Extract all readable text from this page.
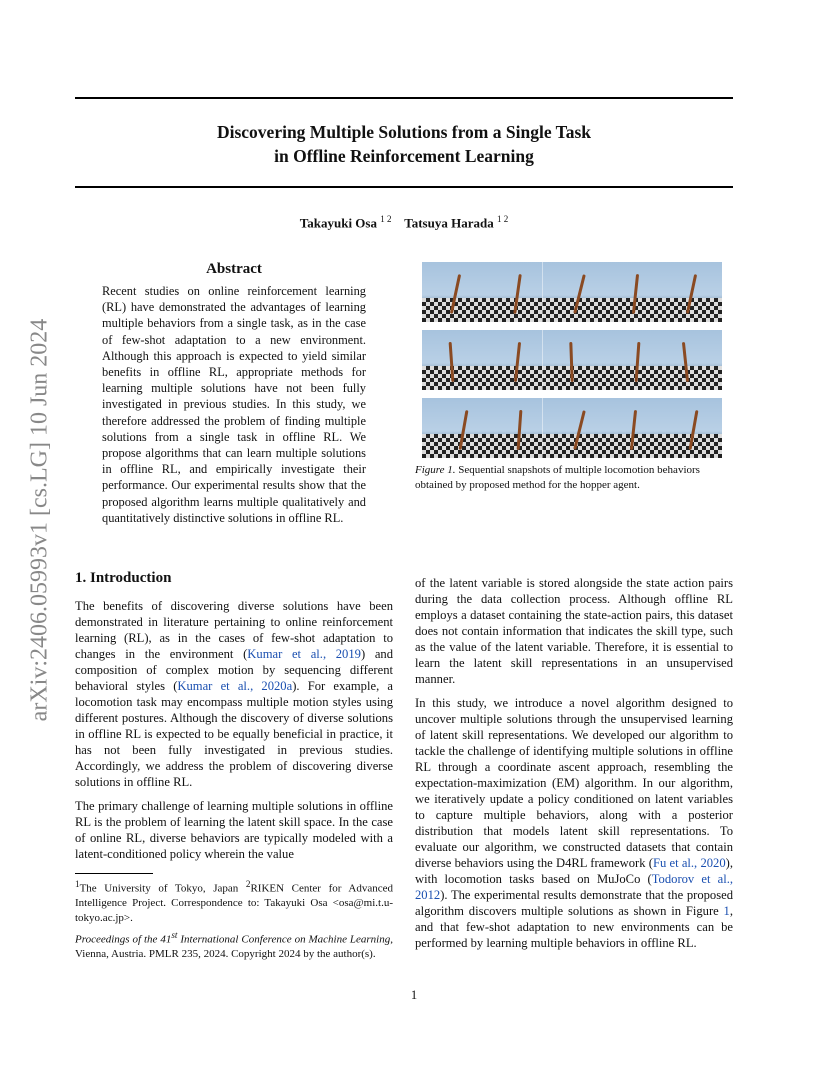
arXiv:2406.05993v1 [cs.LG] 10 Jun 2024
Discovering Multiple Solutions from a Single Task
in Offline Reinforcement Learning
Takayuki Osa $^{1 2}$ Tatsuya Harada $^{1 2}$
Abstract
Recent studies on online reinforcement learning (RL) have demonstrated the advantages of learning multiple behaviors from a single task, as in the case of few-shot adaptation to a new environment. Although this approach is expected to yield similar benefits in offline RL, appropriate methods for learning multiple solutions have not been fully investigated in previous studies. In this study, we therefore addressed the problem of finding multiple solutions from a single task in offline RL. We propose algorithms that can learn multiple solutions in offline RL, and empirically investigate their performance. Our experimental results show that the proposed algorithm learns multiple qualitatively and quantitatively distinctive solutions in offline RL.
Figure 1. Sequential snapshots of multiple locomotion behaviors obtained by proposed method for the hopper agent.
1. Introduction

The benefits of discovering diverse solutions have been demonstrated in literature pertaining to online reinforcement learning (RL), as in the cases of few-shot adaptation to changes in the environment (Kumar et al., 2019) and composition of complex motion by sequencing different behavioral styles (Kumar et al., 2020a). For example, a locomotion task may encompass multiple motion styles using different postures. Although the discovery of diverse solutions in offline RL is expected to be equally beneficial in practice, it has not been fully investigated in previous studies. Accordingly, we address the problem of discovering diverse solutions in offline RL.

The primary challenge of learning multiple solutions in offline RL is the problem of learning the latent skill space. In the case of online RL, diverse behaviors are typically modeled with a latent-conditioned policy wherein the value

$^1$The University of Tokyo, Japan $^2$RIKEN Center for Advanced Intelligence Project. Correspondence to: Takayuki Osa <osa@mi.t.u-tokyo.ac.jp>.
Proceedings of the 41st International Conference on Machine Learning, Vienna, Austria. PMLR 235, 2024. Copyright 2024 by the author(s).

of the latent variable is stored alongside the state action pairs during the data collection process. Although offline RL employs a dataset containing the state-action pairs, this dataset does not contain information that indicates the skill type, such as the value of the latent variable. Therefore, it is essential to learn the latent skill representations in an unsupervised manner.

In this study, we introduce a novel algorithm designed to uncover multiple solutions through the unsupervised learning of latent skill representations. We developed our algorithm to tackle the challenge of identifying multiple solutions in offline RL through a coordinate ascent approach, resembling the expectation-maximization (EM) algorithm. In our algorithm, we iteratively update a policy conditioned on latent variables to capture multiple behaviors, along with a posterior distribution that models latent skill representations. To evaluate our algorithm, we constructed datasets that contain diverse behaviors using the D4RL framework (Fu et al., 2020), with locomotion tasks based on MuJoCo (Todorov et al., 2012). The experimental results demonstrate that the proposed algorithm discovers multiple solutions as shown in Figure 1, and that few-shot adaptation to new environments can be performed by learning multiple behaviors in offline RL.

1
